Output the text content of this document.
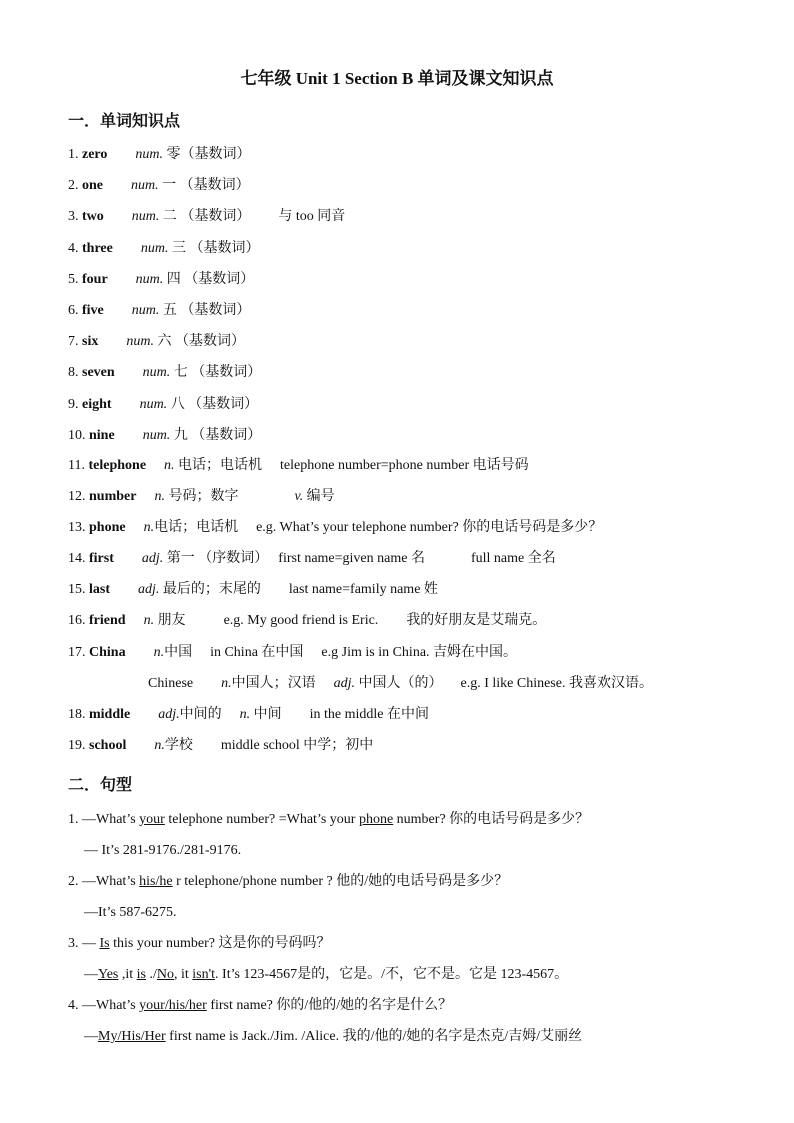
七年级 Unit 1 Section B 单词及课文知识点
一．单词知识点
1. zero num. 零（基数词）
2. one num. 一 （基数词）
3. two num. 二 （基数词） 与 too 同音
4. three num. 三 （基数词）
5. four num. 四 （基数词）
6. five num. 五 （基数词）
7. six num. 六 （基数词）
8. seven num. 七 （基数词）
9. eight num. 八 （基数词）
10. nine num. 九 （基数词）
11. telephone n. 电话；电话机 telephone number=phone number 电话号码
12. number n. 号码；数字	v. 编号
13. phone n.电话；电话机 e.g. What’s your telephone number? 你的电话号码是多少？
14. first adj. 第一 （序数词） first name=given name 名	full name 全名
15. last adj. 最后的；末尾的 last name=family name 姓
16. friend n. 朋友	e.g. My good friend is Eric. 我的好朋友是艾瑞克。
17. China n.中国 in China 在中国 e.g Jim is in China. 吉姆在中国。
Chinese n.中国人；汉语 adj. 中国人（的） e.g. I like Chinese. 我喜欢汉语。
18. middle adj.中间的 n. 中间 in the middle 在中间
19. school n.学校 middle school 中学；初中
二．句型
1. —What’s your telephone number? =What’s your phone number? 你的电话号码是多少？
— It’s 281-9176./281-9176.
2. —What’s his/he r telephone/phone number ? 他的/她的电话号码是多少？
—It’s 587-6275.
3. — Is this your number? 这是你的号码吗？
—Yes ,it is ./No, it isn't. It’s 123-4567是的，它是。/不，它不是。它是 123-4567。
4. —What’s your/his/her first name? 你的/他的/她的名字是什么？
—My/His/Her first name is Jack./Jim. /Alice. 我的/他的/她的名字是杰克/吉姆/艾丽丝
